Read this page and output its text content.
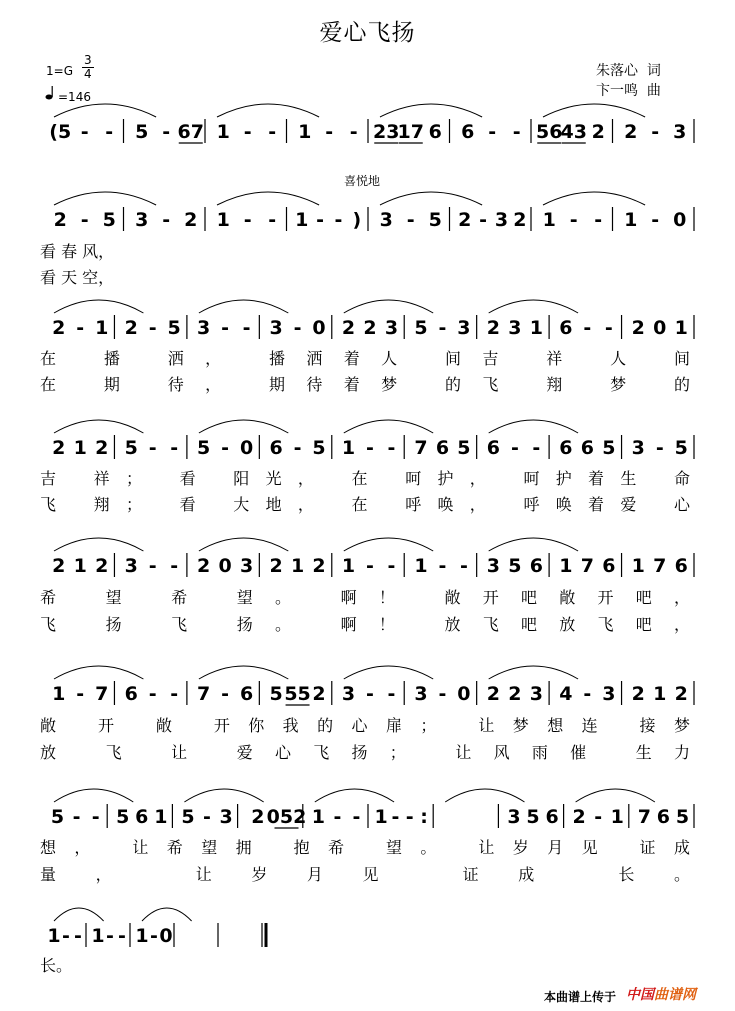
爱心飞扬
$1=G \frac{3}{4}$
=146
朱落心  词
卞一鸣  曲
喜悦地
(5 - - 5 - 67 1 - - 1 - - 23
17 6 6 - - 56
43 2 2 - 3
2 - 5 3 - 2 1 - - 1 - - ) 3 - 5 2 - 3 2 1 - - 1 - 0
看 春 风，
看 天 空，
2 - 1 2 - 5 3 - - 3 - 0 2 2 3 5 - 3 2 3 1 6 - - 2 0 1
在 播 洒， 播洒着人 间吉 祥 人 间
在 期 待， 期待着梦 的飞 翔 梦 的
2 1 2 5 - - 5 - 0 6 - 5 1 - - 7 6 5 6 - - 6 6 5 3 - 5
吉 祥； 看 阳光， 在 呵护， 呵护着生 命
飞 翔； 看 大地， 在 呼唤， 呼唤着爱 心
2 1 2 3 - - 2 0 3 2 1 2 1 - - 1 - - 3 5 6 1 7 6 1 7 6
希 望 希 望。 啊！ 敞开吧敞开吧，
飞 扬 飞 扬。 啊！ 放飞吧放飞吧，
1 - 7 6 - - 7 - 6 5 55 2 3 - - 3 - 0 2 2 3 4 - 3 2 1 2
敞 开 敞 开你我的心扉； 让梦想连 接梦
放 飞 让 爱心飞扬； 让风雨催 生力
5 - - 5 6 1 5 - 3 2 052 1 - - 1 - - :	3 5 6 2 - 1 7 6 5
想， 让希望拥 抱希 望。 让岁月见 证成
量， 让岁月见 证成 长。
1 - - 1 - - 1 - 0
长。
本曲谱上传于 中国曲谱网
